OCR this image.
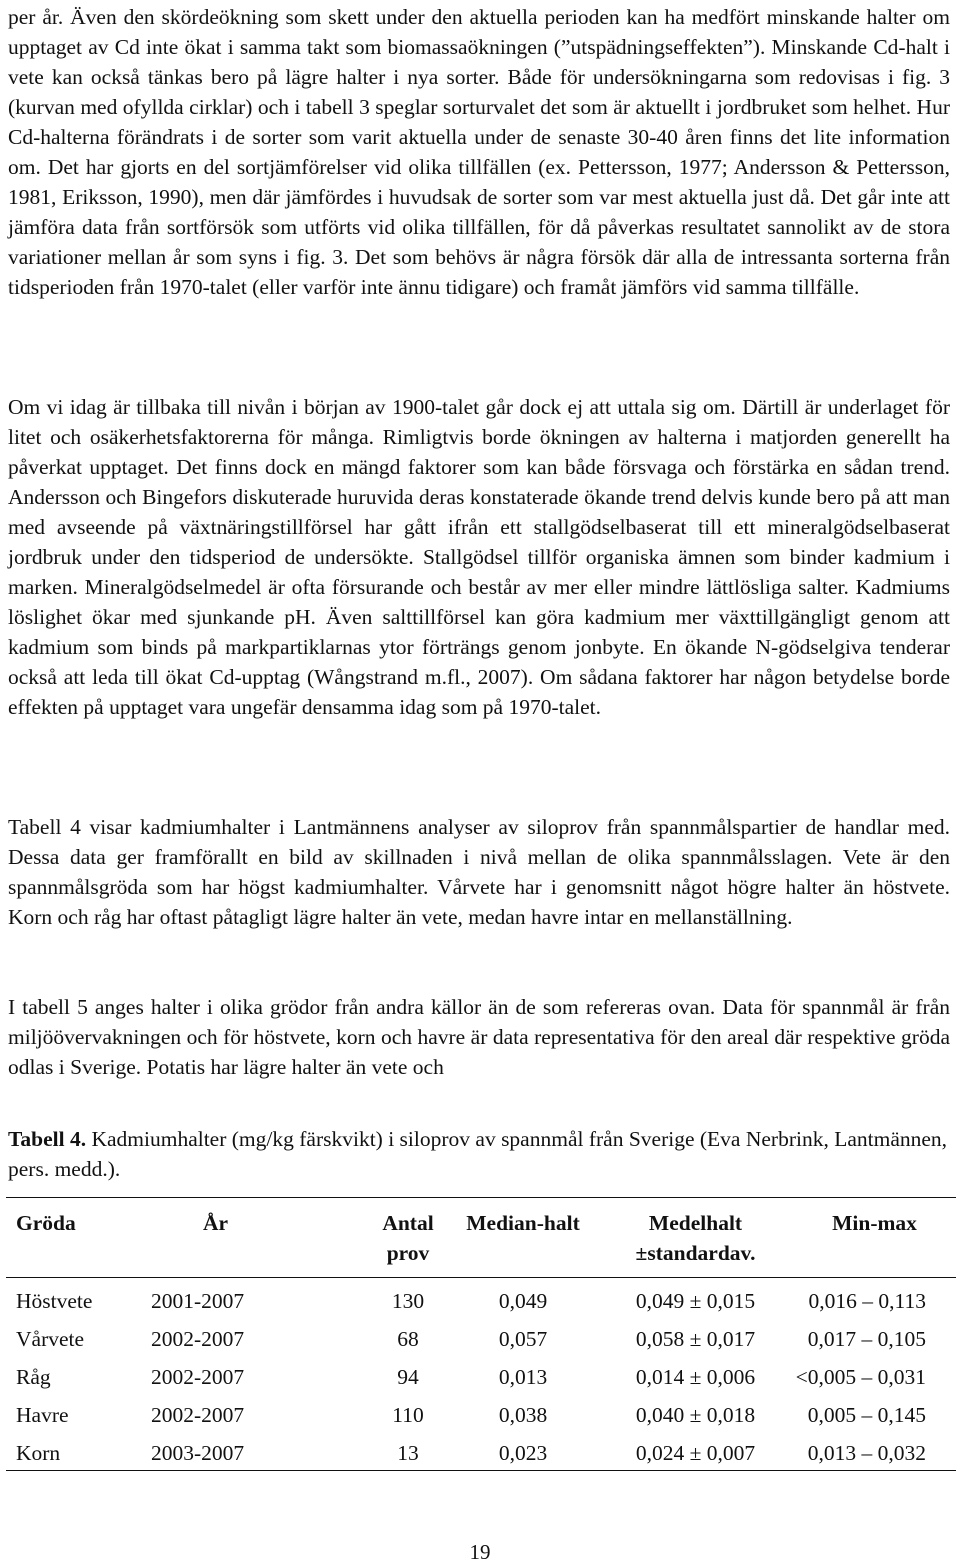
per år. Även den skördeökning som skett under den aktuella perioden kan ha medfört minskande halter om upptaget av Cd inte ökat i samma takt som biomassaökningen (”utspädningseffekten”). Minskande Cd-halt i vete kan också tänkas bero på lägre halter i nya sorter. Både för undersökningarna som redovisas i fig. 3 (kurvan med ofyllda cirklar) och i tabell 3 speglar sorturvalet det som är aktuellt i jordbruket som helhet. Hur Cd-halterna förändrats i de sorter som varit aktuella under de senaste 30-40 åren finns det lite information om. Det har gjorts en del sortjämförelser vid olika tillfällen (ex. Pettersson, 1977; Andersson & Pettersson, 1981, Eriksson, 1990), men där jämfördes i huvudsak de sorter som var mest aktuella just då. Det går inte att jämföra data från sortförsök som utförts vid olika tillfällen, för då påverkas resultatet sannolikt av de stora variationer mellan år som syns i fig. 3. Det som behövs är några försök där alla de intressanta sorterna från tidsperioden från 1970-talet (eller varför inte ännu tidigare) och framåt jämförs vid samma tillfälle.

Om vi idag är tillbaka till nivån i början av 1900-talet går dock ej att uttala sig om. Därtill är underlaget för litet och osäkerhetsfaktorerna för många. Rimligtvis borde ökningen av halterna i matjorden generellt ha påverkat upptaget. Det finns dock en mängd faktorer som kan både försvaga och förstärka en sådan trend. Andersson och Bingefors diskuterade huruvida deras konstaterade ökande trend delvis kunde bero på att man med avseende på växtnäringstillförsel har gått ifrån ett stallgödselbaserat till ett mineralgödselbaserat jordbruk under den tidsperiod de undersökte. Stallgödsel tillför organiska ämnen som binder kadmium i marken. Mineralgödselmedel är ofta försurande och består av mer eller mindre lättlösliga salter. Kadmiums löslighet ökar med sjunkande pH. Även salttillförsel kan göra kadmium mer växttillgängligt genom att kadmium som binds på markpartiklarnas ytor förträngs genom jonbyte. En ökande N-gödselgiva tenderar också att leda till ökat Cd-upptag (Wångstrand m.fl., 2007). Om sådana faktorer har någon betydelse borde effekten på upptaget vara ungefär densamma idag som på 1970-talet.

Tabell 4 visar kadmiumhalter i Lantmännens analyser av siloprov från spannmålspartier de handlar med. Dessa data ger framförallt en bild av skillnaden i nivå mellan de olika spannmålsslagen. Vete är den spannmålsgröda som har högst kadmiumhalter. Vårvete har i genomsnitt något högre halter än höstvete. Korn och råg har oftast påtagligt lägre halter än vete, medan havre intar en mellanställning.

I tabell 5 anges halter i olika grödor från andra källor än de som refereras ovan. Data för spannmål är från miljöövervakningen och för höstvete, korn och havre är data representativa för den areal där respektive gröda odlas i Sverige. Potatis har lägre halter än vete och

Tabell 4. Kadmiumhalter (mg/kg färskvikt) i siloprov av spannmål från Sverige (Eva Nerbrink, Lantmännen, pers. medd.).

Gröda	År	Antal prov	Median-halt	Medelhalt ±standardav.	Min-max
Höstvete	2001-2007	130	0,049	0,049 ± 0,015	0,016 – 0,113
Vårvete	2002-2007	68	0,057	0,058 ± 0,017	0,017 – 0,105
Råg	2002-2007	94	0,013	0,014 ± 0,006	<0,005 – 0,031
Havre	2002-2007	110	0,038	0,040 ± 0,018	0,005 – 0,145
Korn	2003-2007	13	0,023	0,024 ± 0,007	0,013 – 0,032
19
